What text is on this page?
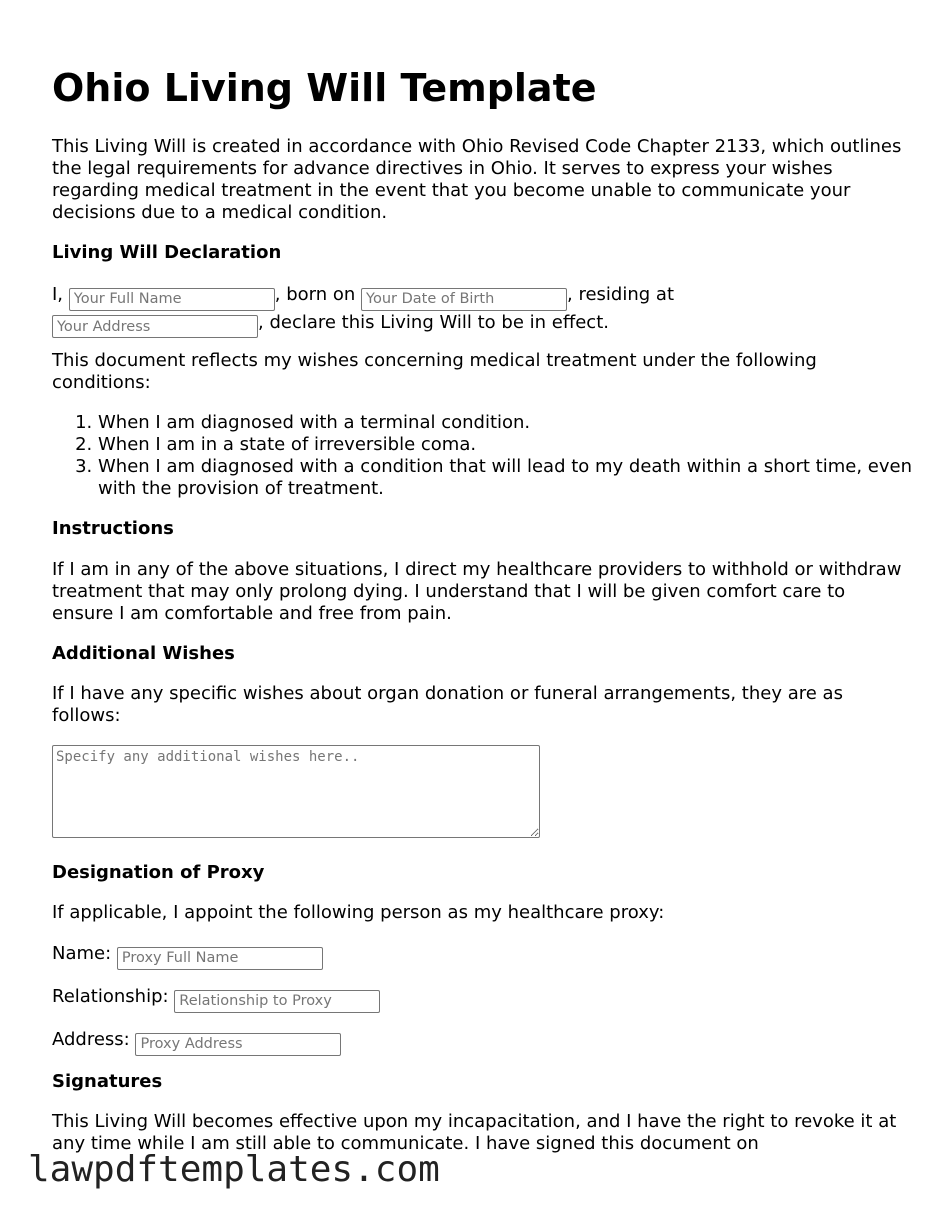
Ohio Living Will Template

This Living Will is created in accordance with Ohio Revised Code Chapter 2133, which outlines the legal requirements for advance directives in Ohio. It serves to express your wishes regarding medical treatment in the event that you become unable to communicate your decisions due to a medical condition.

Living Will Declaration

I, Your Full Name	, born on Your Date of Birth	, residing at
Your Address, declare this Living Will to be in effect.

This document reflects my wishes concerning medical treatment under the following conditions:

1. When I am diagnosed with a terminal condition.
2. When I am in a state of irreversible coma.
3. When I am diagnosed with a condition that will lead to my death within a short time, even with the provision of treatment.
Instructions

If I am in any of the above situations, I direct my healthcare providers to withhold or withdraw treatment that may only prolong dying. I understand that I will be given comfort care to ensure I am comfortable and free from pain.

Additional Wishes

If I have any specific wishes about organ donation or funeral arrangements, they are as follows:

Specify any additional wishes here..
Designation of Proxy

If applicable, I appoint the following person as my healthcare proxy:

Name: Proxy Full Name

Relationship: Relationship to Proxy

Address: Proxy Address

Signatures

This Living Will becomes effective upon my incapacitation, and I have the right to revoke it at any time while I am still able to communicate. I have signed this document on

lawpdftemplates.com
